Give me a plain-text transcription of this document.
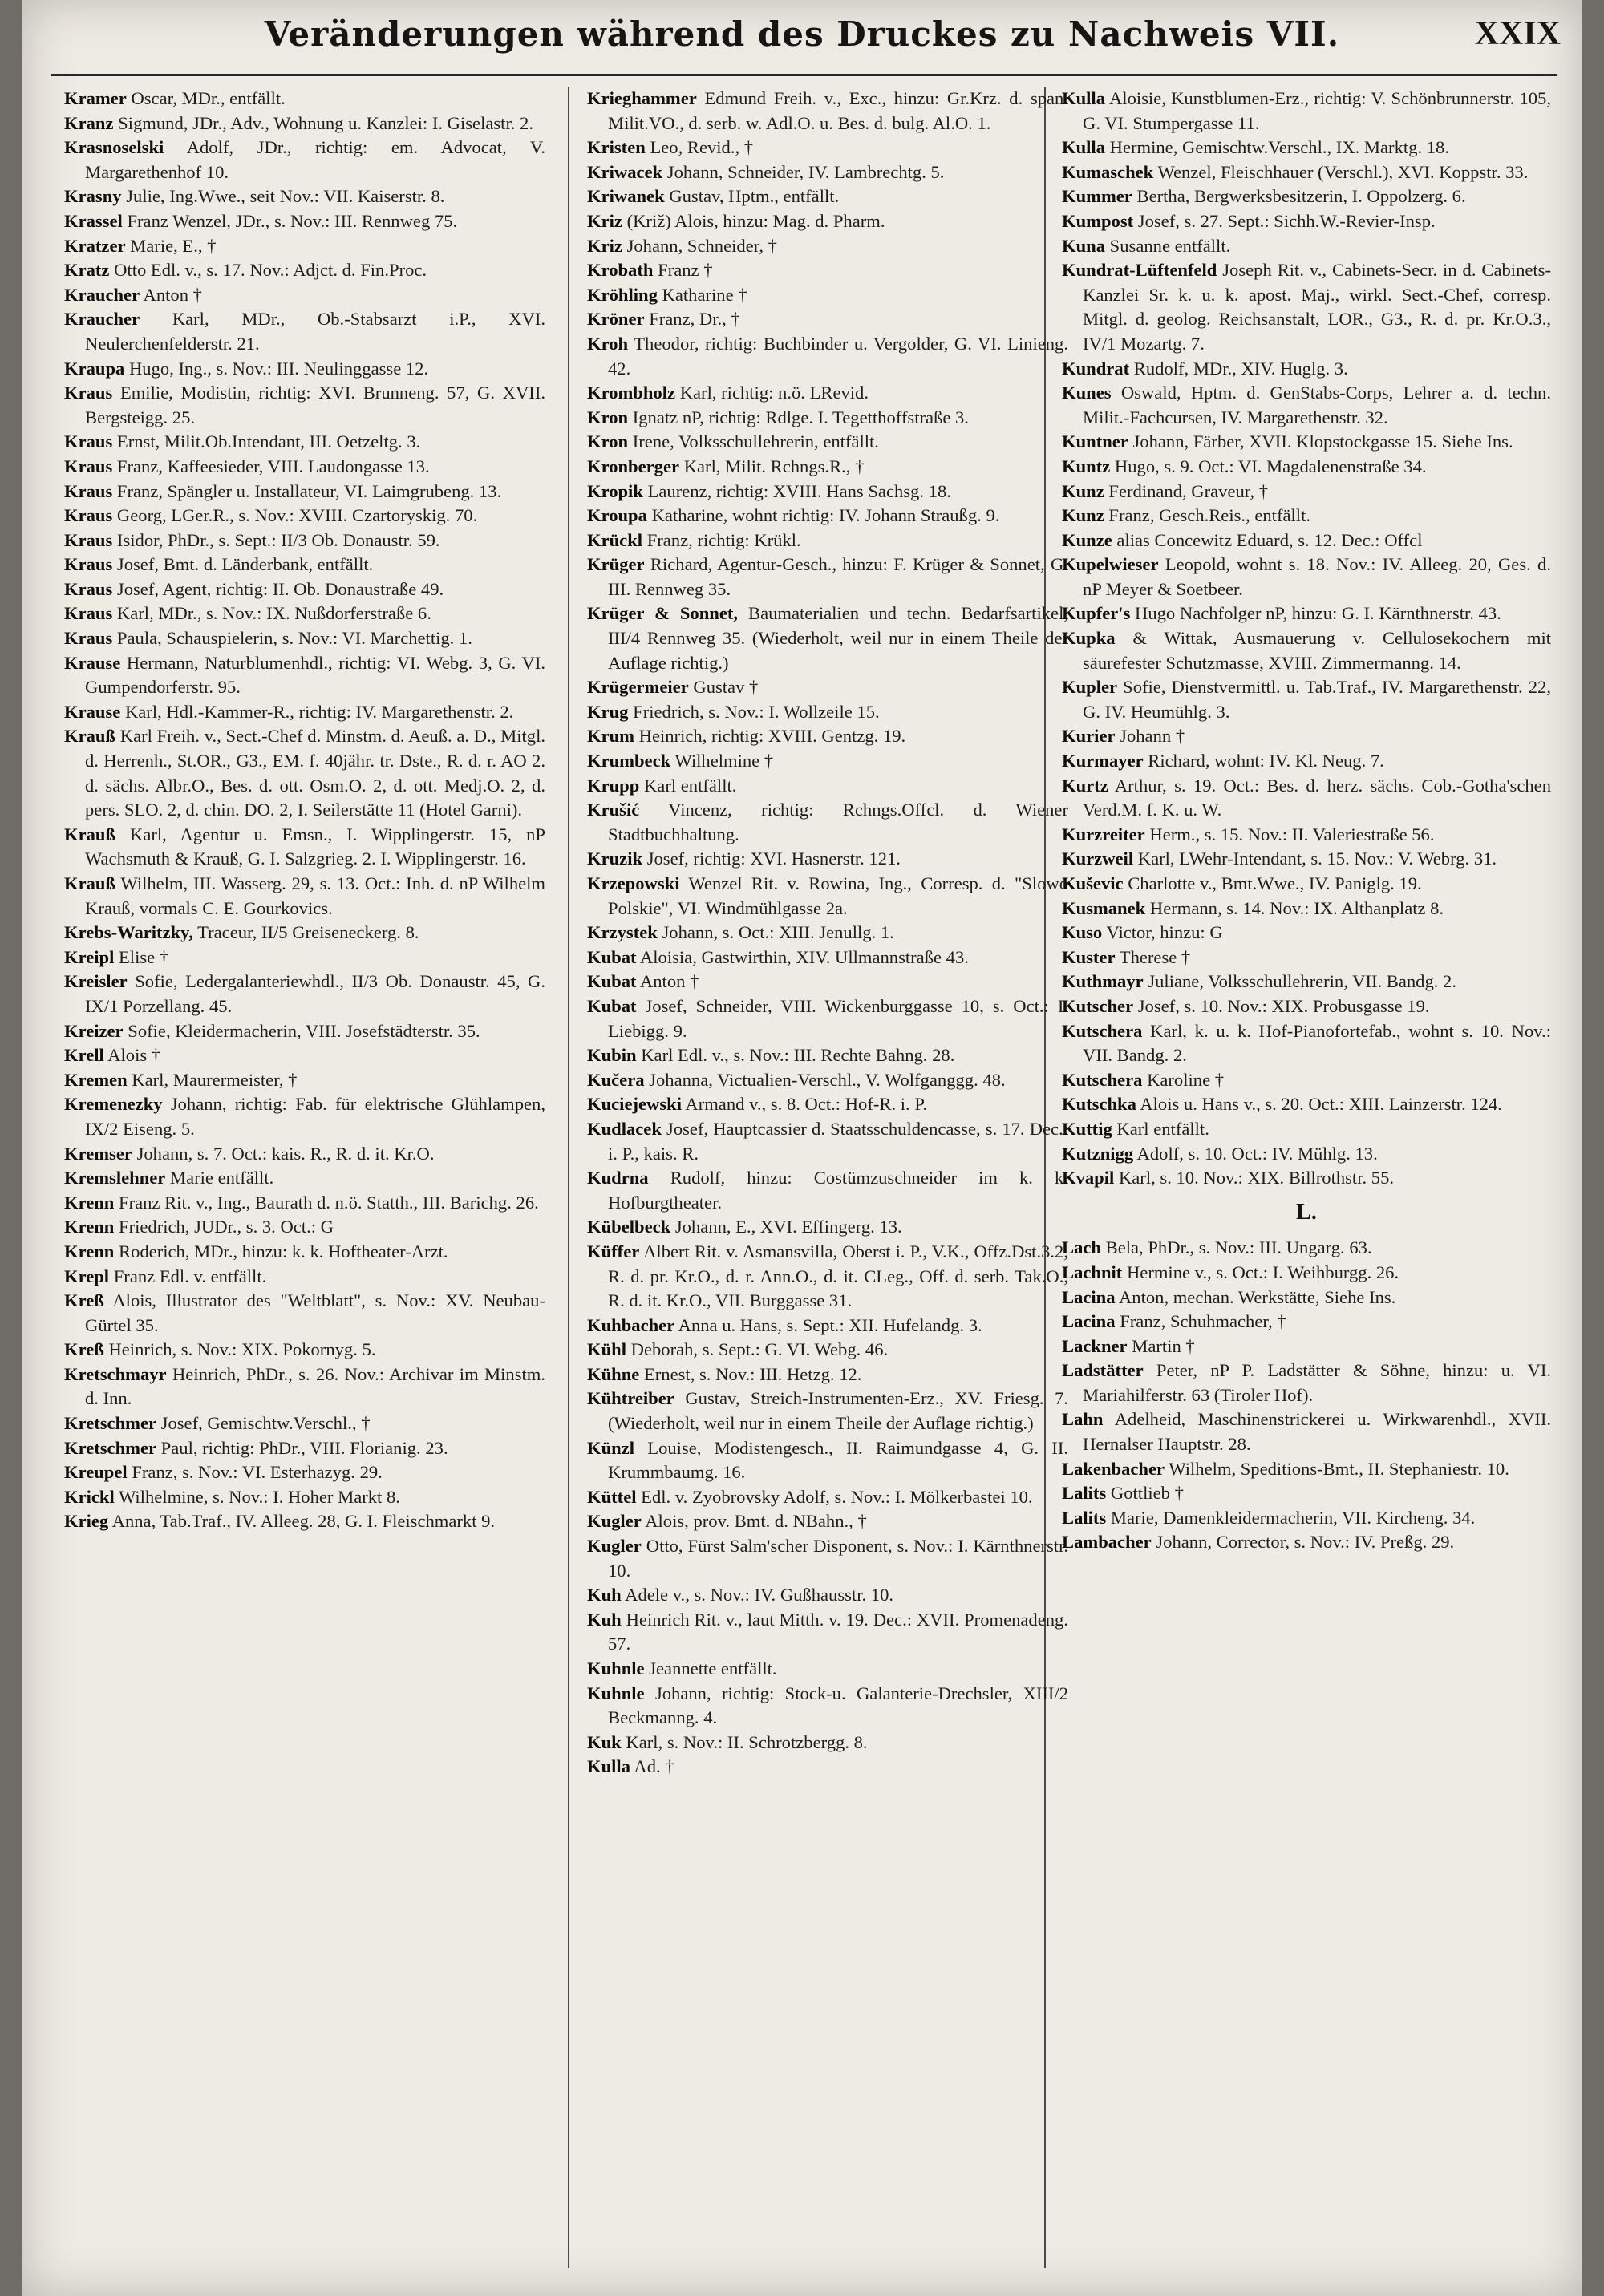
Veränderungen während des Druckes zu Nachweis VII.	XXIX

Kramer Oscar, MDr., entfällt.

Kranz Sigmund, JDr., Adv., Wohnung u. Kanzlei: I. Giselastr. 2.

Krasnoselski Adolf, JDr., richtig: em. Advocat, V. Margarethenhof 10.

Krasny Julie, Ing.Wwe., seit Nov.: VII. Kaiserstr. 8.

Krassel Franz Wenzel, JDr., s. Nov.: III. Rennweg 75.

Kratzer Marie, E., †

Kratz Otto Edl. v., s. 17. Nov.: Adjct. d. Fin.Proc.

Kraucher Anton †

Kraucher Karl, MDr., Ob.-Stabsarzt i.P., XVI. Neulerchenfelderstr. 21.

Kraupa Hugo, Ing., s. Nov.: III. Neulinggasse 12.

Kraus Emilie, Modistin, richtig: XVI. Brunneng. 57, G. XVII. Bergsteigg. 25.

Kraus Ernst, Milit.Ob.Intendant, III. Oetzeltg. 3.

Kraus Franz, Kaffeesieder, VIII. Laudongasse 13.

Kraus Franz, Spängler u. Installateur, VI. Laimgrubeng. 13.

Kraus Georg, LGer.R., s. Nov.: XVIII. Czartoryskig. 70.

Kraus Isidor, PhDr., s. Sept.: II/3 Ob. Donaustr. 59.

Kraus Josef, Bmt. d. Länderbank, entfällt.

Kraus Josef, Agent, richtig: II. Ob. Donaustraße 49.

Kraus Karl, MDr., s. Nov.: IX. Nußdorferstraße 6.

Kraus Paula, Schauspielerin, s. Nov.: VI. Marchettig. 1.

Krause Hermann, Naturblumenhdl., richtig: VI. Webg. 3, G. VI. Gumpendorferstr. 95.

Krause Karl, Hdl.-Kammer-R., richtig: IV. Margarethenstr. 2.

Krauß Karl Freih. v., Sect.-Chef d. Minstm. d. Aeuß. a. D., Mitgl. d. Herrenh., St.OR., G3., EM. f. 40jähr. tr. Dste., R. d. r. AO 2. d. sächs. Albr.O., Bes. d. ott. Osm.O. 2, d. ott. Medj.O. 2, d. pers. SLO. 2, d. chin. DO. 2, I. Seilerstätte 11 (Hotel Garni).

Krauß Karl, Agentur u. Emsn., I. Wipplingerstr. 15, nP Wachsmuth & Krauß, G. I. Salzgrieg. 2. I. Wipplingerstr. 16.

Krauß Wilhelm, III. Wasserg. 29, s. 13. Oct.: Inh. d. nP Wilhelm Krauß, vormals C. E. Gourkovics.

Krebs-Waritzky, Traceur, II/5 Greiseneckerg. 8.

Kreipl Elise †

Kreisler Sofie, Ledergalanteriewhdl., II/3 Ob. Donaustr. 45, G. IX/1 Porzellang. 45.

Kreizer Sofie, Kleidermacherin, VIII. Josefstädterstr. 35.

Krell Alois †

Kremen Karl, Maurermeister, †

Kremenezky Johann, richtig: Fab. für elektrische Glühlampen, IX/2 Eiseng. 5.

Kremser Johann, s. 7. Oct.: kais. R., R. d. it. Kr.O.

Kremslehner Marie entfällt.

Krenn Franz Rit. v., Ing., Baurath d. n.ö. Statth., III. Barichg. 26.

Krenn Friedrich, JUDr., s. 3. Oct.: G

Krenn Roderich, MDr., hinzu: k. k. Hoftheater-Arzt.

Krepl Franz Edl. v. entfällt.

Kreß Alois, Illustrator des "Weltblatt", s. Nov.: XV. Neubau-Gürtel 35.

Kreß Heinrich, s. Nov.: XIX. Pokornyg. 5.

Kretschmayr Heinrich, PhDr., s. 26. Nov.: Archivar im Minstm. d. Inn.

Kretschmer Josef, Gemischtw.Verschl., †

Kretschmer Paul, richtig: PhDr., VIII. Florianig. 23.

Kreupel Franz, s. Nov.: VI. Esterhazyg. 29.

Krickl Wilhelmine, s. Nov.: I. Hoher Markt 8.

Krieg Anna, Tab.Traf., IV. Alleeg. 28, G. I. Fleischmarkt 9.

Krieghammer Edmund Freih. v., Exc., hinzu: Gr.Krz. d. span. Milit.VO., d. serb. w. Adl.O. u. Bes. d. bulg. Al.O. 1.

Kristen Leo, Revid., †

Kriwacek Johann, Schneider, IV. Lambrechtg. 5.

Kriwanek Gustav, Hptm., entfällt.

Kriz (Križ) Alois, hinzu: Mag. d. Pharm.

Kriz Johann, Schneider, †

Krobath Franz †

Kröhling Katharine †

Kröner Franz, Dr., †

Kroh Theodor, richtig: Buchbinder u. Vergolder, G. VI. Linieng. 42.

Krombholz Karl, richtig: n.ö. LRevid.

Kron Ignatz nP, richtig: Rdlge. I. Tegetthoffstraße 3.

Kron Irene, Volksschullehrerin, entfällt.

Kronberger Karl, Milit. Rchngs.R., †

Kropik Laurenz, richtig: XVIII. Hans Sachsg. 18.

Kroupa Katharine, wohnt richtig: IV. Johann Straußg. 9.

Krückl Franz, richtig: Krükl.

Krüger Richard, Agentur-Gesch., hinzu: F. Krüger & Sonnet, G. III. Rennweg 35.

Krüger & Sonnet, Baumaterialien und techn. Bedarfsartikel, III/4 Rennweg 35. (Wiederholt, weil nur in einem Theile der Auflage richtig.)

Krügermeier Gustav †

Krug Friedrich, s. Nov.: I. Wollzeile 15.

Krum Heinrich, richtig: XVIII. Gentzg. 19.

Krumbeck Wilhelmine †

Krupp Karl entfällt.

Krušić Vincenz, richtig: Rchngs.Offcl. d. Wiener Stadtbuchhaltung.

Kruzik Josef, richtig: XVI. Hasnerstr. 121.

Krzepowski Wenzel Rit. v. Rowina, Ing., Corresp. d. "Slowo Polskie", VI. Windmühlgasse 2a.

Krzystek Johann, s. Oct.: XIII. Jenullg. 1.

Kubat Aloisia, Gastwirthin, XIV. Ullmannstraße 43.

Kubat Anton †

Kubat Josef, Schneider, VIII. Wickenburggasse 10, s. Oct.: I. Liebigg. 9.

Kubin Karl Edl. v., s. Nov.: III. Rechte Bahng. 28.

Kučera Johanna, Victualien-Verschl., V. Wolfganggg. 48.

Kuciejewski Armand v., s. 8. Oct.: Hof-R. i. P.

Kudlacek Josef, Hauptcassier d. Staatsschuldencasse, s. 17. Dec.: i. P., kais. R.

Kudrna Rudolf, hinzu: Costümzuschneider im k. k. Hofburgtheater.

Kübelbeck Johann, E., XVI. Effingerg. 13.

Küffer Albert Rit. v. Asmansvilla, Oberst i. P., V.K., Offz.Dst.3.2, R. d. pr. Kr.O., d. r. Ann.O., d. it. CLeg., Off. d. serb. Tak.O., R. d. it. Kr.O., VII. Burggasse 31.

Kuhbacher Anna u. Hans, s. Sept.: XII. Hufelandg. 3.

Kühl Deborah, s. Sept.: G. VI. Webg. 46.

Kühne Ernest, s. Nov.: III. Hetzg. 12.

Kühtreiber Gustav, Streich-Instrumenten-Erz., XV. Friesg. 7. (Wiederholt, weil nur in einem Theile der Auflage richtig.)

Künzl Louise, Modistengesch., II. Raimundgasse 4, G. II. Krummbaumg. 16.

Küttel Edl. v. Zyobrovsky Adolf, s. Nov.: I. Mölkerbastei 10.

Kugler Alois, prov. Bmt. d. NBahn., †

Kugler Otto, Fürst Salm'scher Disponent, s. Nov.: I. Kärnthnerstr. 10.

Kuh Adele v., s. Nov.: IV. Gußhausstr. 10.

Kuh Heinrich Rit. v., laut Mitth. v. 19. Dec.: XVII. Promenadeng. 57.

Kuhnle Jeannette entfällt.

Kuhnle Johann, richtig: Stock-u. Galanterie-Drechsler, XIII/2 Beckmanng. 4.

Kuk Karl, s. Nov.: II. Schrotzbergg. 8.

Kulla Ad. †

Kulla Aloisie, Kunstblumen-Erz., richtig: V. Schönbrunnerstr. 105, G. VI. Stumpergasse 11.

Kulla Hermine, Gemischtw.Verschl., IX. Marktg. 18.

Kumaschek Wenzel, Fleischhauer (Verschl.), XVI. Koppstr. 33.

Kummer Bertha, Bergwerksbesitzerin, I. Oppolzerg. 6.

Kumpost Josef, s. 27. Sept.: Sichh.W.-Revier-Insp.

Kuna Susanne entfällt.

Kundrat-Lüftenfeld Joseph Rit. v., Cabinets-Secr. in d. Cabinets-Kanzlei Sr. k. u. k. apost. Maj., wirkl. Sect.-Chef, corresp. Mitgl. d. geolog. Reichsanstalt, LOR., G3., R. d. pr. Kr.O.3., IV/1 Mozartg. 7.

Kundrat Rudolf, MDr., XIV. Huglg. 3.

Kunes Oswald, Hptm. d. GenStabs-Corps, Lehrer a. d. techn. Milit.-Fachcursen, IV. Margarethenstr. 32.

Kuntner Johann, Färber, XVII. Klopstockgasse 15. Siehe Ins.

Kuntz Hugo, s. 9. Oct.: VI. Magdalenenstraße 34.

Kunz Ferdinand, Graveur, †

Kunz Franz, Gesch.Reis., entfällt.

Kunze alias Concewitz Eduard, s. 12. Dec.: Offcl

Kupelwieser Leopold, wohnt s. 18. Nov.: IV. Alleeg. 20, Ges. d. nP Meyer & Soetbeer.

Kupfer's Hugo Nachfolger nP, hinzu: G. I. Kärnthnerstr. 43.

Kupka & Wittak, Ausmauerung v. Cellulosekochern mit säurefester Schutzmasse, XVIII. Zimmermanng. 14.

Kupler Sofie, Dienstvermittl. u. Tab.Traf., IV. Margarethenstr. 22, G. IV. Heumühlg. 3.

Kurier Johann †

Kurmayer Richard, wohnt: IV. Kl. Neug. 7.

Kurtz Arthur, s. 19. Oct.: Bes. d. herz. sächs. Cob.-Gotha'schen Verd.M. f. K. u. W.

Kurzreiter Herm., s. 15. Nov.: II. Valeriestraße 56.

Kurzweil Karl, LWehr-Intendant, s. 15. Nov.: V. Webrg. 31.

Kuševic Charlotte v., Bmt.Wwe., IV. Paniglg. 19.

Kusmanek Hermann, s. 14. Nov.: IX. Althanplatz 8.

Kuso Victor, hinzu: G

Kuster Therese †

Kuthmayr Juliane, Volksschullehrerin, VII. Bandg. 2.

Kutscher Josef, s. 10. Nov.: XIX. Probusgasse 19.

Kutschera Karl, k. u. k. Hof-Pianofortefab., wohnt s. 10. Nov.: VII. Bandg. 2.

Kutschera Karoline †

Kutschka Alois u. Hans v., s. 20. Oct.: XIII. Lainzerstr. 124.

Kuttig Karl entfällt.

Kutznigg Adolf, s. 10. Oct.: IV. Mühlg. 13.

Kvapil Karl, s. 10. Nov.: XIX. Billrothstr. 55.

L.

Lach Bela, PhDr., s. Nov.: III. Ungarg. 63.

Lachnit Hermine v., s. Oct.: I. Weihburgg. 26.

Lacina Anton, mechan. Werkstätte, Siehe Ins.

Lacina Franz, Schuhmacher, †

Lackner Martin †

Ladstätter Peter, nP P. Ladstätter & Söhne, hinzu: u. VI. Mariahilferstr. 63 (Tiroler Hof).

Lahn Adelheid, Maschinenstrickerei u. Wirkwarenhdl., XVII. Hernalser Hauptstr. 28.

Lakenbacher Wilhelm, Speditions-Bmt., II. Stephaniestr. 10.

Lalits Gottlieb †

Lalits Marie, Damenkleidermacherin, VII. Kircheng. 34.

Lambacher Johann, Corrector, s. Nov.: IV. Preßg. 29.
